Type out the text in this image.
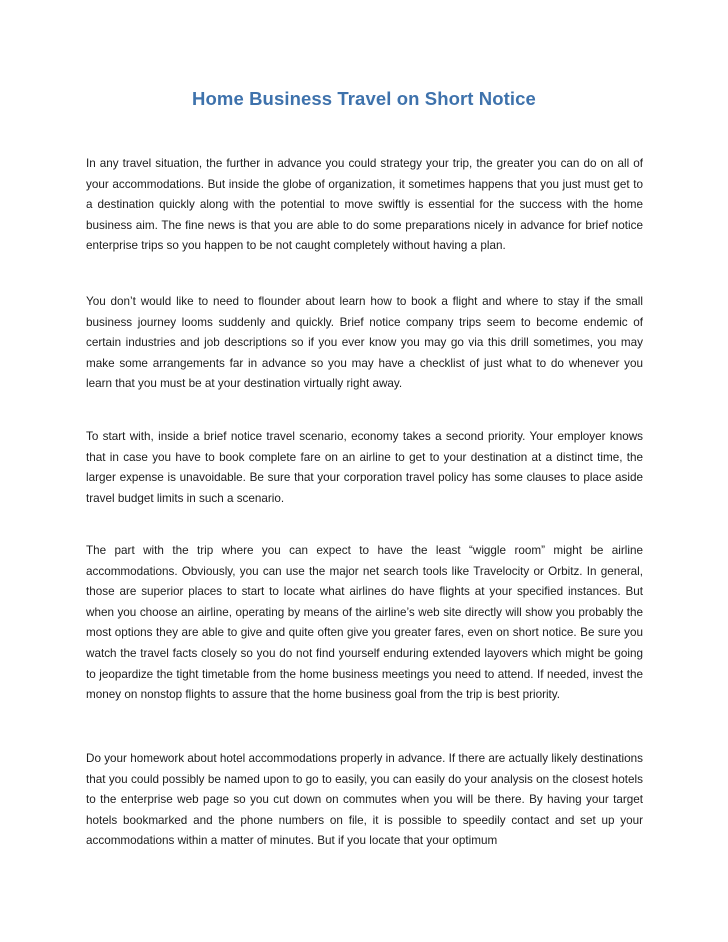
Home Business Travel on Short Notice

In any travel situation, the further in advance you could strategy your trip, the greater you can do on all of your accommodations. But inside the globe of organization, it sometimes happens that you just must get to a destination quickly along with the potential to move swiftly is essential for the success with the home business aim. The fine news is that you are able to do some preparations nicely in advance for brief notice enterprise trips so you happen to be not caught completely without having a plan.

You don’t would like to need to flounder about learn how to book a flight and where to stay if the small business journey looms suddenly and quickly. Brief notice company trips seem to become endemic of certain industries and job descriptions so if you ever know you may go via this drill sometimes, you may make some arrangements far in advance so you may have a checklist of just what to do whenever you learn that you must be at your destination virtually right away.

To start with, inside a brief notice travel scenario, economy takes a second priority. Your employer knows that in case you have to book complete fare on an airline to get to your destination at a distinct time, the larger expense is unavoidable. Be sure that your corporation travel policy has some clauses to place aside travel budget limits in such a scenario.

The part with the trip where you can expect to have the least “wiggle room” might be airline accommodations. Obviously, you can use the major net search tools like Travelocity or Orbitz. In general, those are superior places to start to locate what airlines do have flights at your specified instances. But when you choose an airline, operating by means of the airline’s web site directly will show you probably the most options they are able to give and quite often give you greater fares, even on short notice. Be sure you watch the travel facts closely so you do not find yourself enduring extended layovers which might be going to jeopardize the tight timetable from the home business meetings you need to attend. If needed, invest the money on nonstop flights to assure that the home business goal from the trip is best priority.

Do your homework about hotel accommodations properly in advance. If there are actually likely destinations that you could possibly be named upon to go to easily, you can easily do your analysis on the closest hotels to the enterprise web page so you cut down on commutes when you will be there. By having your target hotels bookmarked and the phone numbers on file, it is possible to speedily contact and set up your accommodations within a matter of minutes. But if you locate that your optimum
